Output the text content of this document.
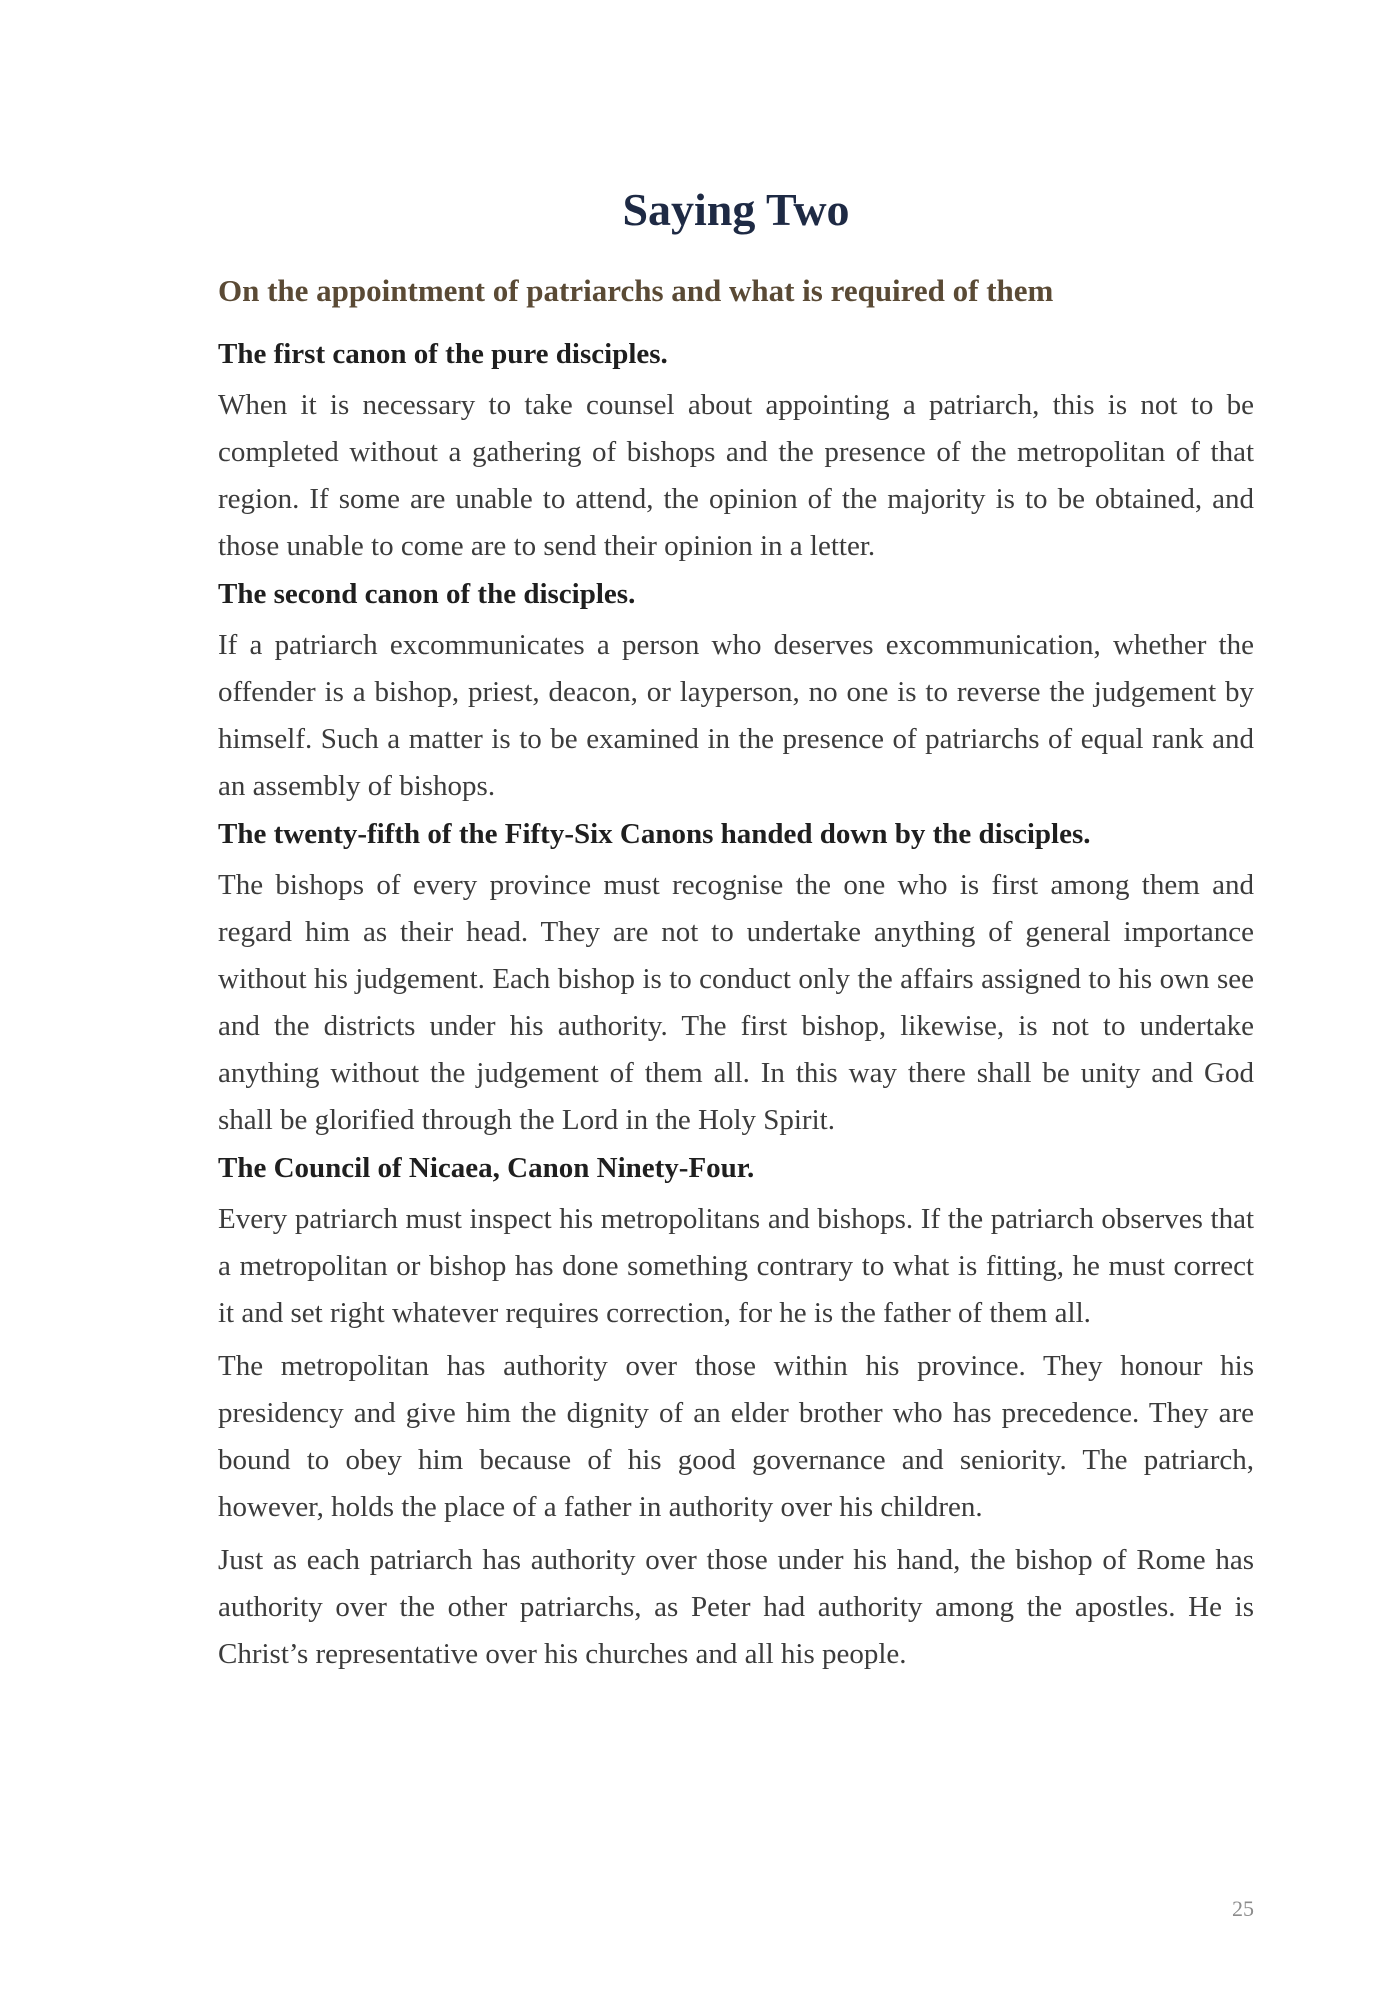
Saying Two
On the appointment of patriarchs and what is required of them
The first canon of the pure disciples.

When it is necessary to take counsel about appointing a patriarch, this is not to be completed without a gathering of bishops and the presence of the metropolitan of that region. If some are unable to attend, the opinion of the majority is to be obtained, and those unable to come are to send their opinion in a letter.

The second canon of the disciples.

If a patriarch excommunicates a person who deserves excommunication, whether the offender is a bishop, priest, deacon, or layperson, no one is to reverse the judgement by himself. Such a matter is to be examined in the presence of patriarchs of equal rank and an assembly of bishops.

The twenty-fifth of the Fifty-Six Canons handed down by the disciples.

The bishops of every province must recognise the one who is first among them and regard him as their head. They are not to undertake anything of general importance without his judgement. Each bishop is to conduct only the affairs assigned to his own see and the districts under his authority. The first bishop, likewise, is not to undertake anything without the judgement of them all. In this way there shall be unity and God shall be glorified through the Lord in the Holy Spirit.

The Council of Nicaea, Canon Ninety-Four.

Every patriarch must inspect his metropolitans and bishops. If the patriarch observes that a metropolitan or bishop has done something contrary to what is fitting, he must correct it and set right whatever requires correction, for he is the father of them all.

The metropolitan has authority over those within his province. They honour his presidency and give him the dignity of an elder brother who has precedence. They are bound to obey him because of his good governance and seniority. The patriarch, however, holds the place of a father in authority over his children.

Just as each patriarch has authority over those under his hand, the bishop of Rome has authority over the other patriarchs, as Peter had authority among the apostles. He is Christ’s representative over his churches and all his people.

25
